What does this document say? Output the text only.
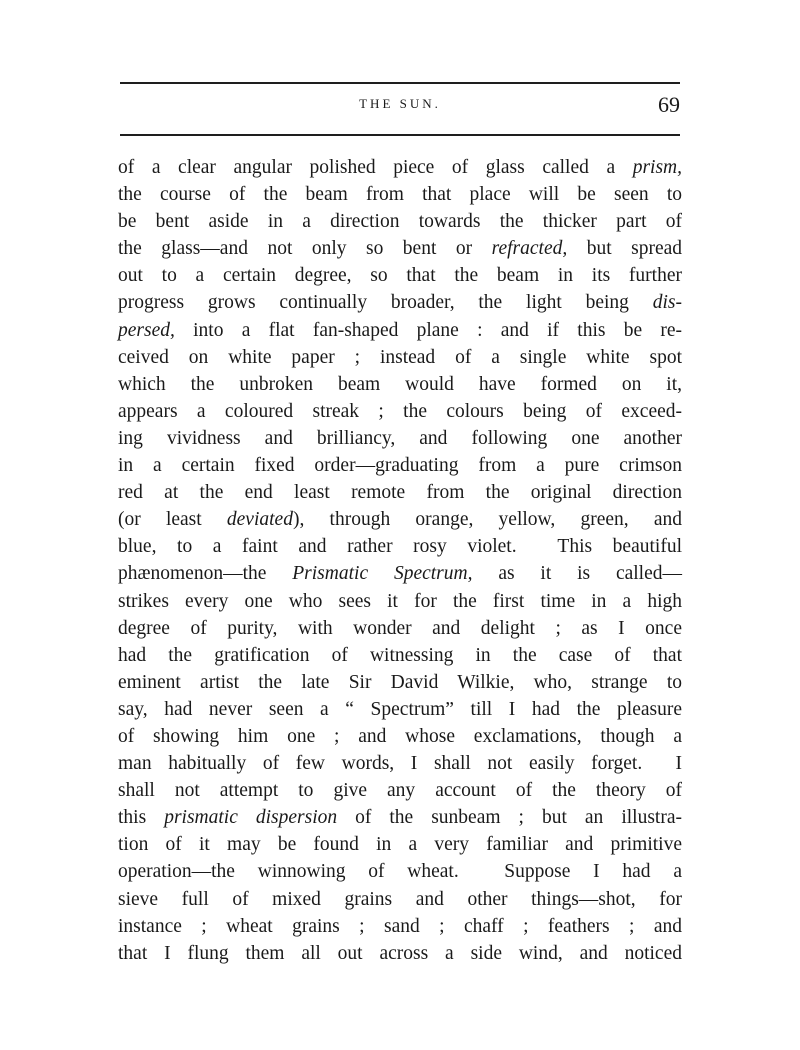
THE SUN.	69
of a clear angular polished piece of glass called a prism,
the course of the beam from that place will be seen to
be bent aside in a direction towards the thicker part of
the glass—and not only so bent or refracted, but spread
out to a certain degree, so that the beam in its further
progress grows continually broader, the light being dis-
persed, into a flat fan-shaped plane : and if this be re-
ceived on white paper ; instead of a single white spot
which the unbroken beam would have formed on it,
appears a coloured streak ; the colours being of exceed-
ing vividness and brilliancy, and following one another
in a certain fixed order—graduating from a pure crimson
red at the end least remote from the original direction
(or least deviated), through orange, yellow, green, and
blue, to a faint and rather rosy violet.  This beautiful
phænomenon—the Prismatic Spectrum, as it is called—
strikes every one who sees it for the first time in a high
degree of purity, with wonder and delight ; as I once
had the gratification of witnessing in the case of that
eminent artist the late Sir David Wilkie, who, strange to
say, had never seen a “ Spectrum” till I had the pleasure
of showing him one ; and whose exclamations, though a
man habitually of few words, I shall not easily forget.  I
shall not attempt to give any account of the theory of
this prismatic dispersion of the sunbeam ; but an illustra-
tion of it may be found in a very familiar and primitive
operation—the winnowing of wheat.  Suppose I had a
sieve full of mixed grains and other things—shot, for
instance ; wheat grains ; sand ; chaff ; feathers ; and
that I flung them all out across a side wind, and noticed
